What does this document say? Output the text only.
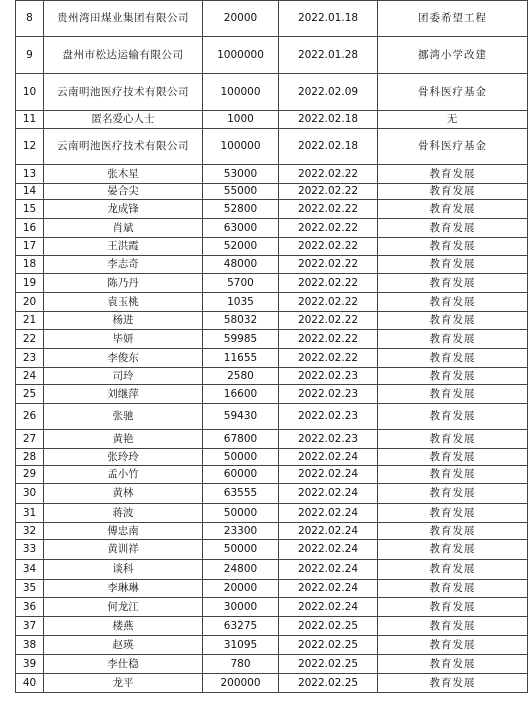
8	贵州湾田煤业集团有限公司	20000	2022.01.18	团委希望工程
9	盘州市松达运输有限公司	1000000	2022.01.28	挪湾小学改建
10	云南明池医疗技术有限公司	100000	2022.02.09	骨科医疗基金
11	匿名爱心人士	1000	2022.02.18	无
12	云南明池医疗技术有限公司	100000	2022.02.18	骨科医疗基金
13	张木星	53000	2022.02.22	教育发展
14	晏合尖	55000	2022.02.22	教育发展
15	龙成锋	52800	2022.02.22	教育发展
16	肖斌	63000	2022.02.22	教育发展
17	王洪霞	52000	2022.02.22	教育发展
18	李志奇	48000	2022.02.22	教育发展
19	陈乃丹	5700	2022.02.22	教育发展
20	袁玉桃	1035	2022.02.22	教育发展
21	杨进	58032	2022.02.22	教育发展
22	毕妍	59985	2022.02.22	教育发展
23	李俊东	11655	2022.02.22	教育发展
24	司玲	2580	2022.02.23	教育发展
25	刘继萍	16600	2022.02.23	教育发展
26	张驰	59430	2022.02.23	教育发展
27	黄艳	67800	2022.02.23	教育发展
28	张玲玲	50000	2022.02.24	教育发展
29	孟小竹	60000	2022.02.24	教育发展
30	黄林	63555	2022.02.24	教育发展
31	蒋波	50000	2022.02.24	教育发展
32	傅忠南	23300	2022.02.24	教育发展
33	黄训祥	50000	2022.02.24	教育发展
34	谈科	24800	2022.02.24	教育发展
35	李琳琳	20000	2022.02.24	教育发展
36	何龙江	30000	2022.02.24	教育发展
37	楼燕	63275	2022.02.25	教育发展
38	赵瑛	31095	2022.02.25	教育发展
39	李仕稳	780	2022.02.25	教育发展
40	龙平	200000	2022.02.25	教育发展
